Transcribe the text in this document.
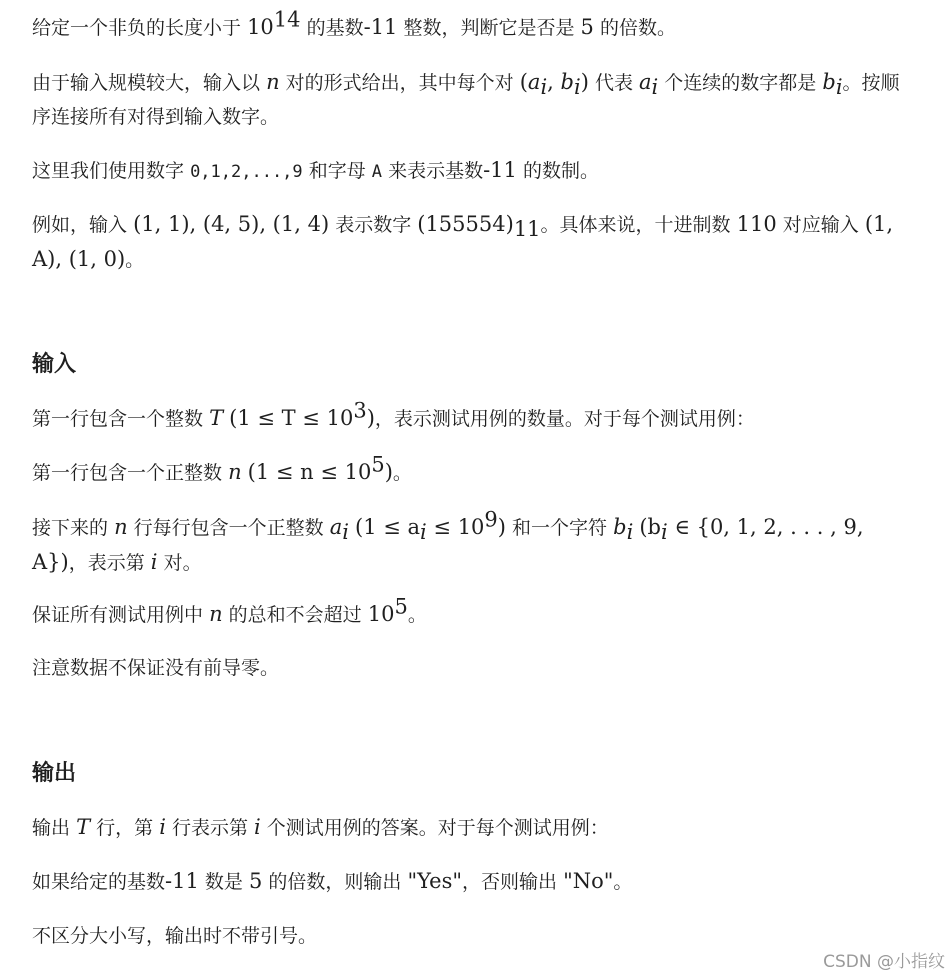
给定一个非负的长度小于 $10^{14}$ 的基数-11 整数，判断它是否是 5 的倍数。
由于输入规模较大，输入以 n 对的形式给出，其中每个对 ($a_i$, $b_i$) 代表 $a_i$ 个连续的数字都是 $b_i$。按顺序连接所有对得到输入数字。
这里我们使用数字 0,1,2,...,9 和字母 A 来表示基数-11 的数制。
例如，输入 (1, 1), (4, 5), (1, 4) 表示数字 $(155554)_{11}$。具体来说，十进制数 110 对应输入 (1, A), (1, 0)。
输入
第一行包含一个整数 T $(1 \le T \le 10^3)$，表示测试用例的数量。对于每个测试用例：
第一行包含一个正整数 n $(1 \le n \le 10^5)$。
接下来的 n 行每行包含一个正整数 $a_i$ $(1 \le a_i \le 10^9)$ 和一个字符 $b_i$ ($b_i$ ∈ {0, 1, 2, . . . , 9, A})，表示第 i 对。
保证所有测试用例中 n 的总和不会超过 $10^5$。
注意数据不保证没有前导零。
输出
输出 T 行，第 i 行表示第 i 个测试用例的答案。对于每个测试用例：
如果给定的基数-11 数是 5 的倍数，则输出 "Yes"，否则输出 "No"。
不区分大小写，输出时不带引号。
CSDN @小指纹
